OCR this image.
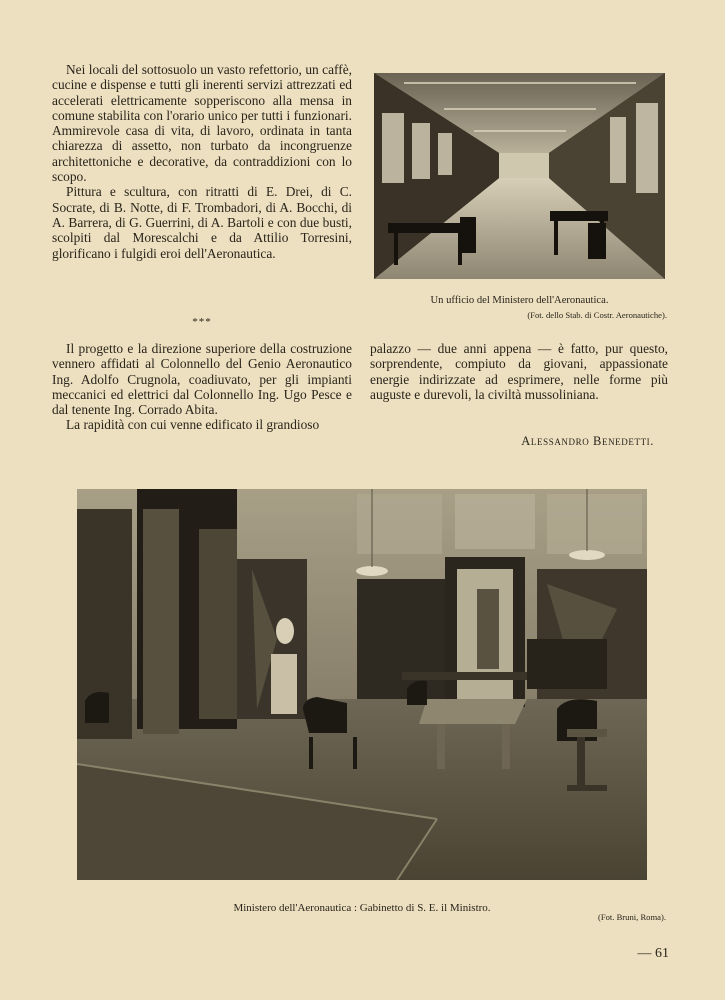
Nei locali del sottosuolo un vasto refettorio, un caffè, cucine e dispense e tutti gli inerenti servizi attrezzati ed accelerati elettricamente sopperiscono alla mensa in comune stabilita con l'orario unico per tutti i funzionari. Ammirevole casa di vita, di lavoro, ordinata in tanta chiarezza di assetto, non turbato da incongruenze architettoniche e decorative, da contraddizioni con lo scopo.

Pittura e scultura, con ritratti di E. Drei, di C. Socrate, di B. Notte, di F. Trombadori, di A. Bocchi, di A. Barrera, di G. Guerrini, di A. Bartoli e con due busti, scolpiti dal Morescalchi e da Attilio Torresini, glorificano i fulgidi eroi dell'Aeronautica.

***

Il progetto e la direzione superiore della costruzione vennero affidati al Colonnello del Genio Aeronautico Ing. Adolfo Crugnola, coadiuvato, per gli impianti meccanici ed elettrici dal Colonnello Ing. Ugo Pesce e dal tenente Ing. Corrado Abita.

La rapidità con cui venne edificato il grandioso

palazzo — due anni appena — è fatto, pur questo, sorprendente, compiuto da giovani, appassionate energie indirizzate ad esprimere, nelle forme più auguste e durevoli, la civiltà mussoliniana.

Alessandro Benedetti.
Un ufficio del Ministero dell'Aeronautica.
(Fot. dello Stab. di Costr. Aeronautiche).
Ministero dell'Aeronautica : Gabinetto di S. E. il Ministro.
(Fot. Bruni, Roma).
— 61
